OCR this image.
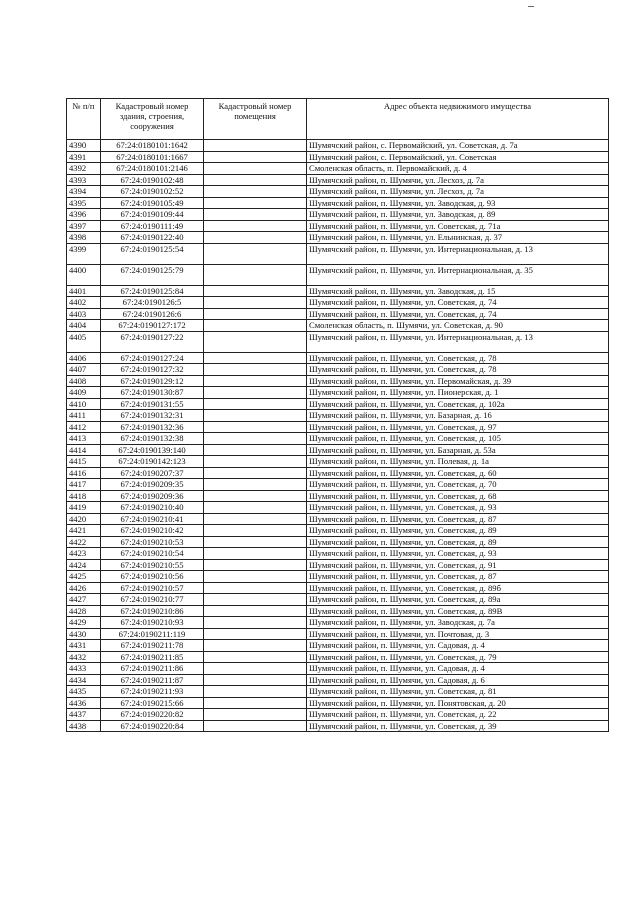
№ п/п	Кадастровый номер здания, строения, сооружения	Кадастровый номер помещения	Адрес объекта недвижимого имущества
4390	67:24:0180101:1642		Шумячский район, с. Первомайский, ул. Советская, д. 7а
4391	67:24:0180101:1667		Шумячский район, с. Первомайский, ул. Советская
4392	67:24:0180101:2146		Смоленская область, п. Первомайский, д. 4
4393	67:24:0190102:48		Шумячский район, п. Шумячи, ул. Лесхоз, д. 7а
4394	67:24:0190102:52		Шумячский район, п. Шумячи, ул. Лесхоз, д. 7а
4395	67:24:0190105:49		Шумячский район, п. Шумячи, ул. Заводская, д. 93
4396	67:24:0190109:44		Шумячский район, п. Шумячи, ул. Заводская, д. 89
4397	67:24:0190111:49		Шумячский район, п. Шумячи, ул. Советская, д. 71а
4398	67:24:0190122:40		Шумячский район, п. Шумячи, ул. Ельнинская, д. 37
4399	67:24:0190125:54		Шумячский район, п. Шумячи, ул. Интернациональная, д. 13
4400	67:24:0190125:79		Шумячский район, п. Шумячи, ул. Интернациональная, д. 35
4401	67:24:0190125:84		Шумячский район, п. Шумячи, ул. Заводская, д. 15
4402	67:24:0190126:5		Шумячский район, п. Шумячи, ул. Советская, д. 74
4403	67:24:0190126:6		Шумячский район, п. Шумячи, ул. Советская, д. 74
4404	67:24:0190127:172		Смоленская область, п. Шумячи, ул. Советская, д. 90
4405	67:24:0190127:22		Шумячский район, п. Шумячи, ул. Интернациональная, д. 13
4406	67:24:0190127:24		Шумячский район, п. Шумячи, ул. Советская, д. 78
4407	67:24:0190127:32		Шумячский район, п. Шумячи, ул. Советская, д. 78
4408	67:24:0190129:12		Шумячский район, п. Шумячи, ул. Первомайская, д. 39
4409	67:24:0190130:87		Шумячский район, п. Шумячи, ул. Пионерская, д. 1
4410	67:24:0190131:55		Шумячский район, п. Шумячи, ул. Советская, д. 102а
4411	67:24:0190132:31		Шумячский район, п. Шумячи, ул. Базарная, д. 16
4412	67:24:0190132:36		Шумячский район, п. Шумячи, ул. Советская, д. 97
4413	67:24:0190132:38		Шумячский район, п. Шумячи, ул. Советская, д. 105
4414	67:24:0190139:140		Шумячский район, п. Шумячи, ул. Базарная, д. 53а
4415	67:24:0190142:123		Шумячский район, п. Шумячи, ул. Полевая, д. 1а
4416	67:24:0190207:37		Шумячский район, п. Шумячи, ул. Советская, д. 60
4417	67:24:0190209:35		Шумячский район, п. Шумячи, ул. Советская, д. 70
4418	67:24:0190209:36		Шумячский район, п. Шумячи, ул. Советская, д. 68
4419	67:24:0190210:40		Шумячский район, п. Шумячи, ул. Советская, д. 93
4420	67:24:0190210:41		Шумячский район, п. Шумячи, ул. Советская, д. 87
4421	67:24:0190210:42		Шумячский район, п. Шумячи, ул. Советская, д. 89
4422	67:24:0190210:53		Шумячский район, п. Шумячи, ул. Советская, д. 89
4423	67:24:0190210:54		Шумячский район, п. Шумячи, ул. Советская, д. 93
4424	67:24:0190210:55		Шумячский район, п. Шумячи, ул. Советская, д. 91
4425	67:24:0190210:56		Шумячский район, п. Шумячи, ул. Советская, д. 87
4426	67:24:0190210:57		Шумячский район, п. Шумячи, ул. Советская, д. 89б
4427	67:24:0190210:77		Шумячский район, п. Шумячи, ул. Советская, д. 89а
4428	67:24:0190210:86		Шумячский район, п. Шумячи, ул. Советская, д. 89В
4429	67:24:0190210:93		Шумячский район, п. Шумячи, ул. Заводская, д. 7а
4430	67:24:0190211:119		Шумячский район, п. Шумячи, ул. Почтовая, д. 3
4431	67:24:0190211:78		Шумячский район, п. Шумячи, ул. Садовая, д. 4
4432	67:24:0190211:85		Шумячский район, п. Шумячи, ул. Советская, д. 79
4433	67:24:0190211:86		Шумячский район, п. Шумячи, ул. Садовая, д. 4
4434	67:24:0190211:87		Шумячский район, п. Шумячи, ул. Садовая, д. 6
4435	67:24:0190211:93		Шумячский район, п. Шумячи, ул. Советская, д. 81
4436	67:24:0190215:66		Шумячский район, п. Шумячи, ул. Понятовская, д. 20
4437	67:24:0190220:82		Шумячский район, п. Шумячи, ул. Советская, д. 22
4438	67:24:0190220:84		Шумячский район, п. Шумячи, ул. Советская, д. 39
